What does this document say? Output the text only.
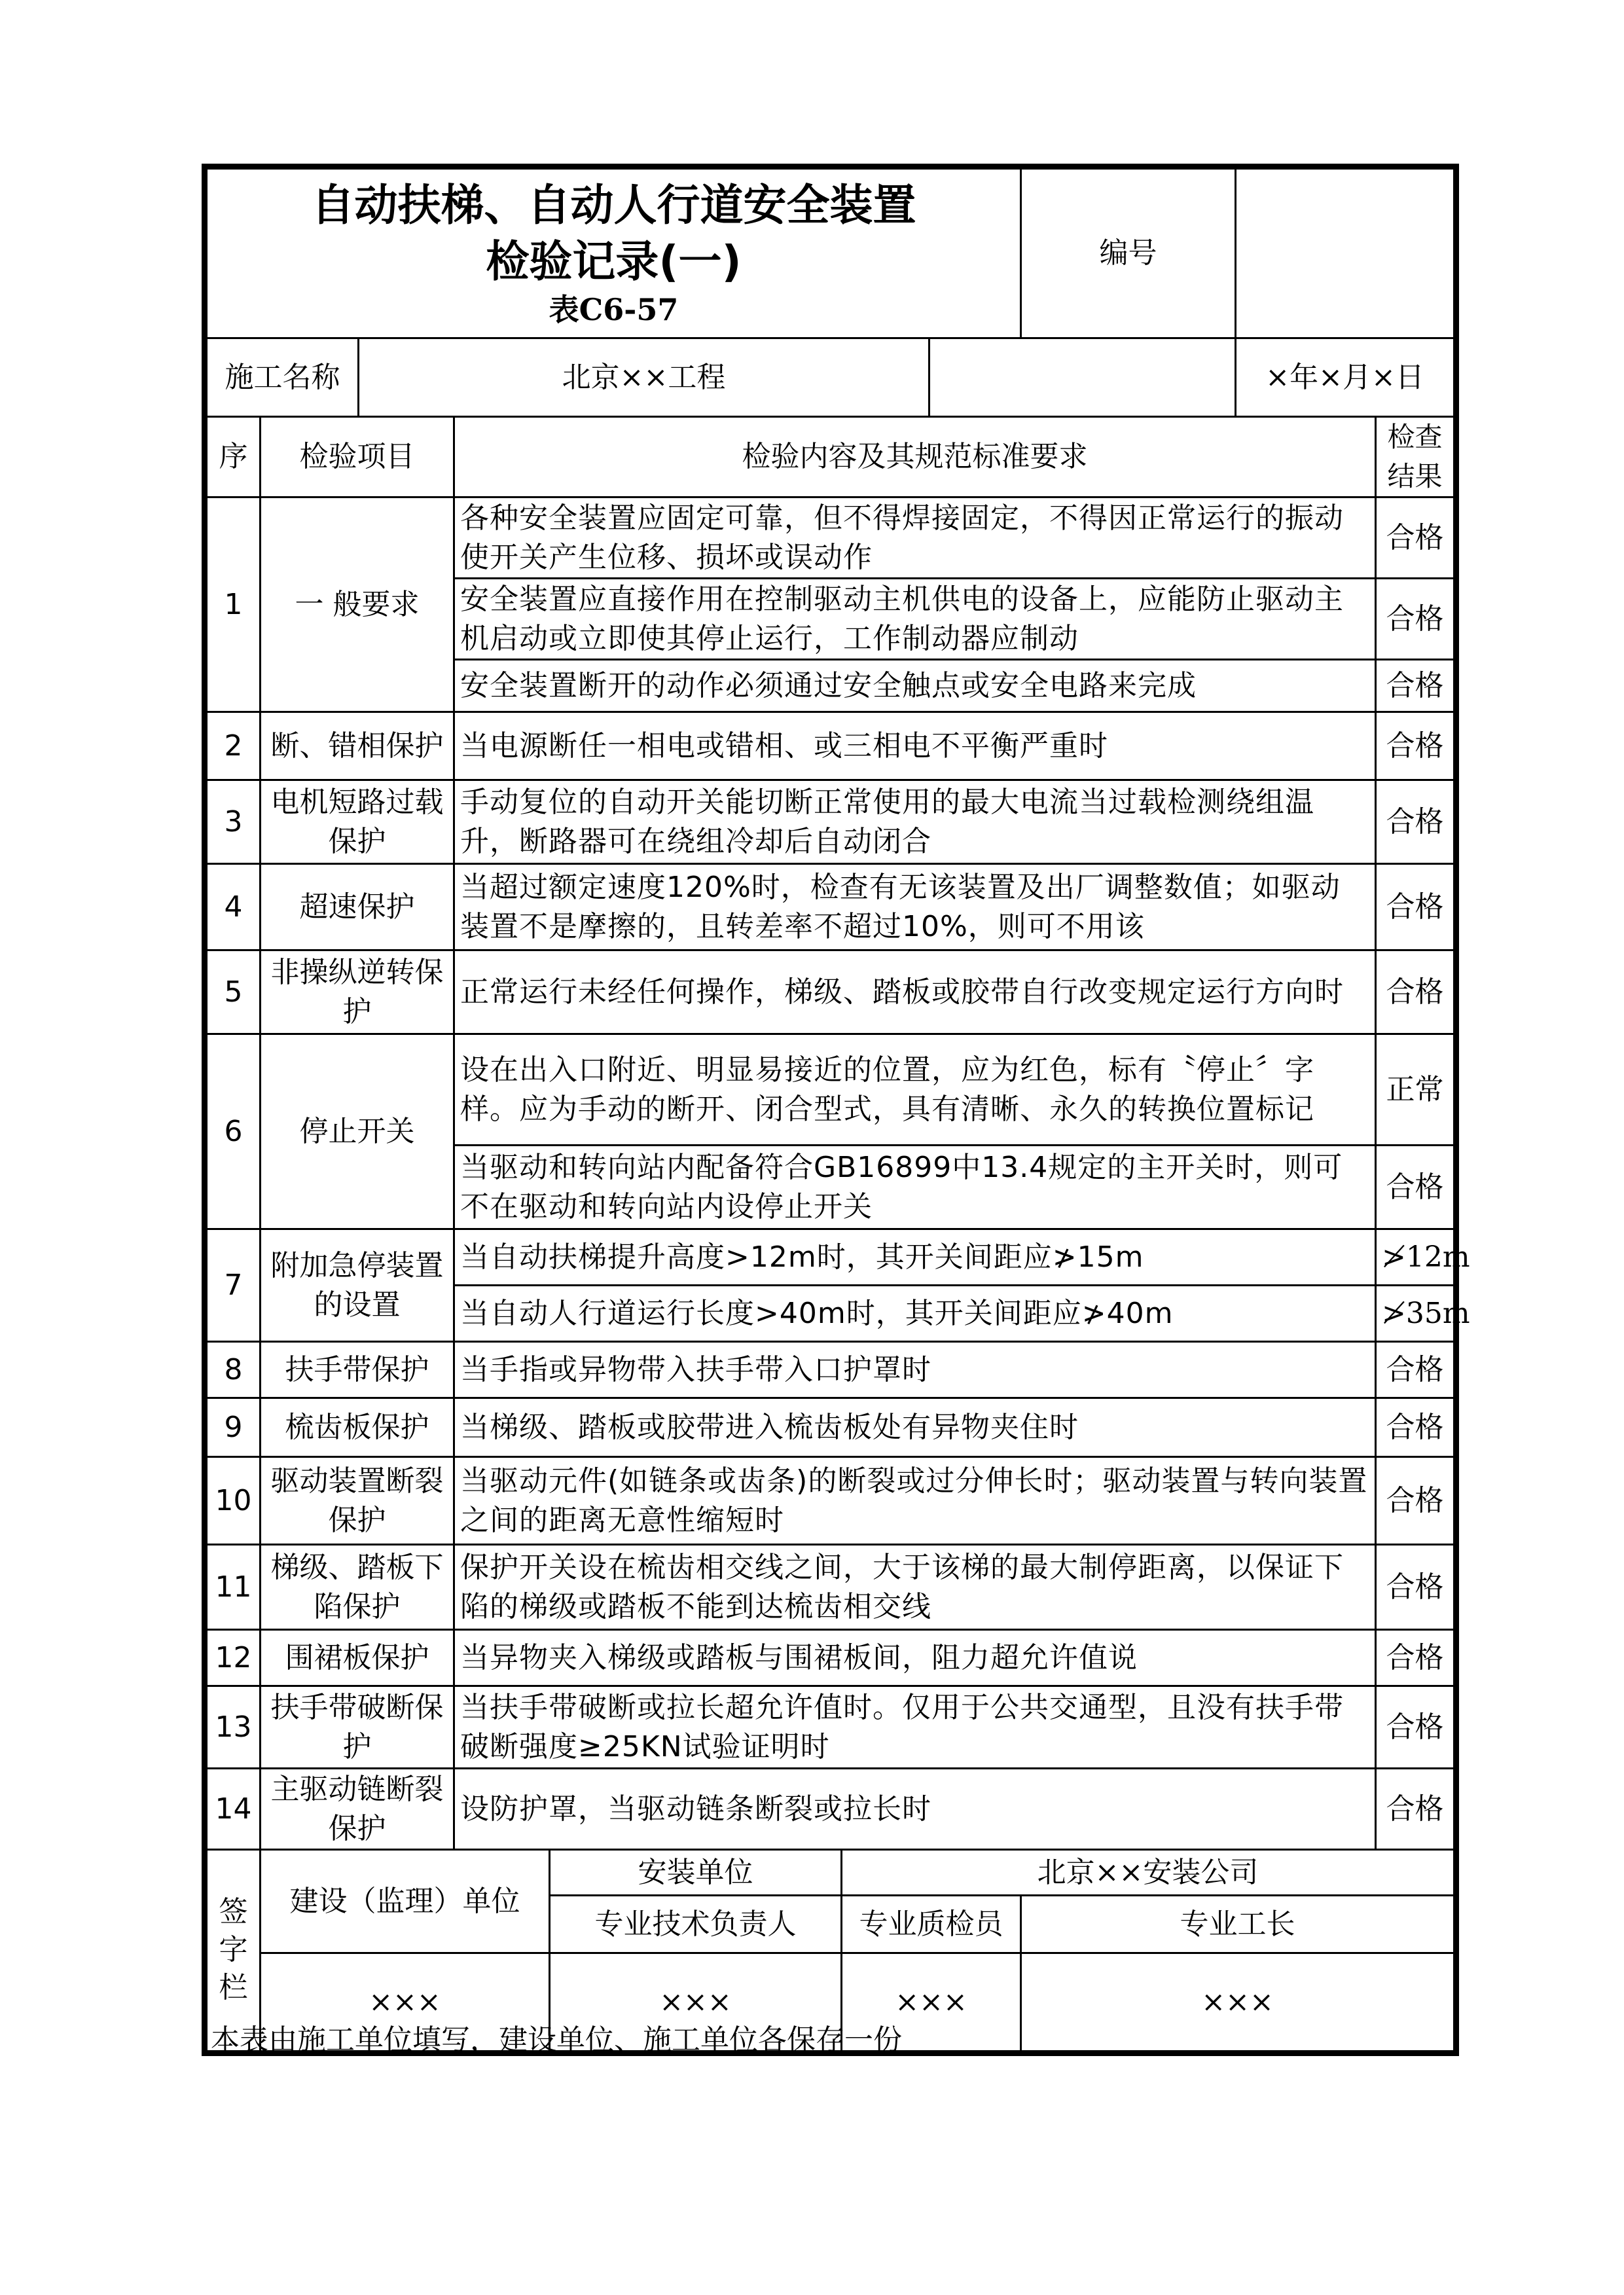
自动扶梯、自动人行道安全装置
检验记录(一)
表C6-57							编号		
施工名称		北京××工程						×年×月×日	
序	检验项目		检验内容及其规范标准要求						检查结果
1	一 般要求		各种安全装置应固定可靠，但不得焊接固定，不得因正常运行的振动使开关产生位移、损坏或误动作						合格
			安全装置应直接作用在控制驱动主机供电的设备上，应能防止驱动主机启动或立即使其停止运行，工作制动器应制动						合格
			安全装置断开的动作必须通过安全触点或安全电路来完成						合格
2	断、错相保护		当电源断任一相电或错相、或三相电不平衡严重时						合格
3	电机短路过载保护		手动复位的自动开关能切断正常使用的最大电流当过载检测绕组温升，断路器可在绕组冷却后自动闭合						合格
4	超速保护		当超过额定速度120%时，检查有无该装置及出厂调整数值；如驱动装置不是摩擦的，且转差率不超过10%，则可不用该						合格
5	非操纵逆转保护		正常运行未经任何操作，梯级、踏板或胶带自行改变规定运行方向时						合格
6	停止开关		设在出入口附近、明显易接近的位置，应为红色，标有〝停止〞字样。应为手动的断开、闭合型式，具有清晰、永久的转换位置标记						正常
			当驱动和转向站内配备符合GB16899中13.4规定的主开关时，则可不在驱动和转向站内设停止开关						合格
7	附加急停装置的设置		当自动扶梯提升高度>12m时，其开关间距应≯15m						≯12m
			当自动人行道运行长度>40m时，其开关间距应≯40m						≯35m
8	扶手带保护		当手指或异物带入扶手带入口护罩时						合格
9	梳齿板保护		当梯级、踏板或胶带进入梳齿板处有异物夹住时						合格
10	驱动装置断裂保护		当驱动元件(如链条或齿条)的断裂或过分伸长时；驱动装置与转向装置之间的距离无意性缩短时						合格
11	梯级、踏板下陷保护		保护开关设在梳齿相交线之间，大于该梯的最大制停距离，以保证下陷的梯级或踏板不能到达梳齿相交线						合格
12	围裙板保护		当异物夹入梯级或踏板与围裙板间，阻力超允许值说						合格
13	扶手带破断保护		当扶手带破断或拉长超允许值时。仅用于公共交通型，且没有扶手带破断强度≥25KN试验证明时						合格
14	主驱动链断裂保护		设防护罩，当驱动链条断裂或拉长时						合格
签字栏	建设（监理）单位			安装单位	北京××安装公司				
				专业技术负责人	专业质检员		专业工长		
	×××			×××	×××		×××		
本表由施工单位填写，建设单位、施工单位各保存一份
